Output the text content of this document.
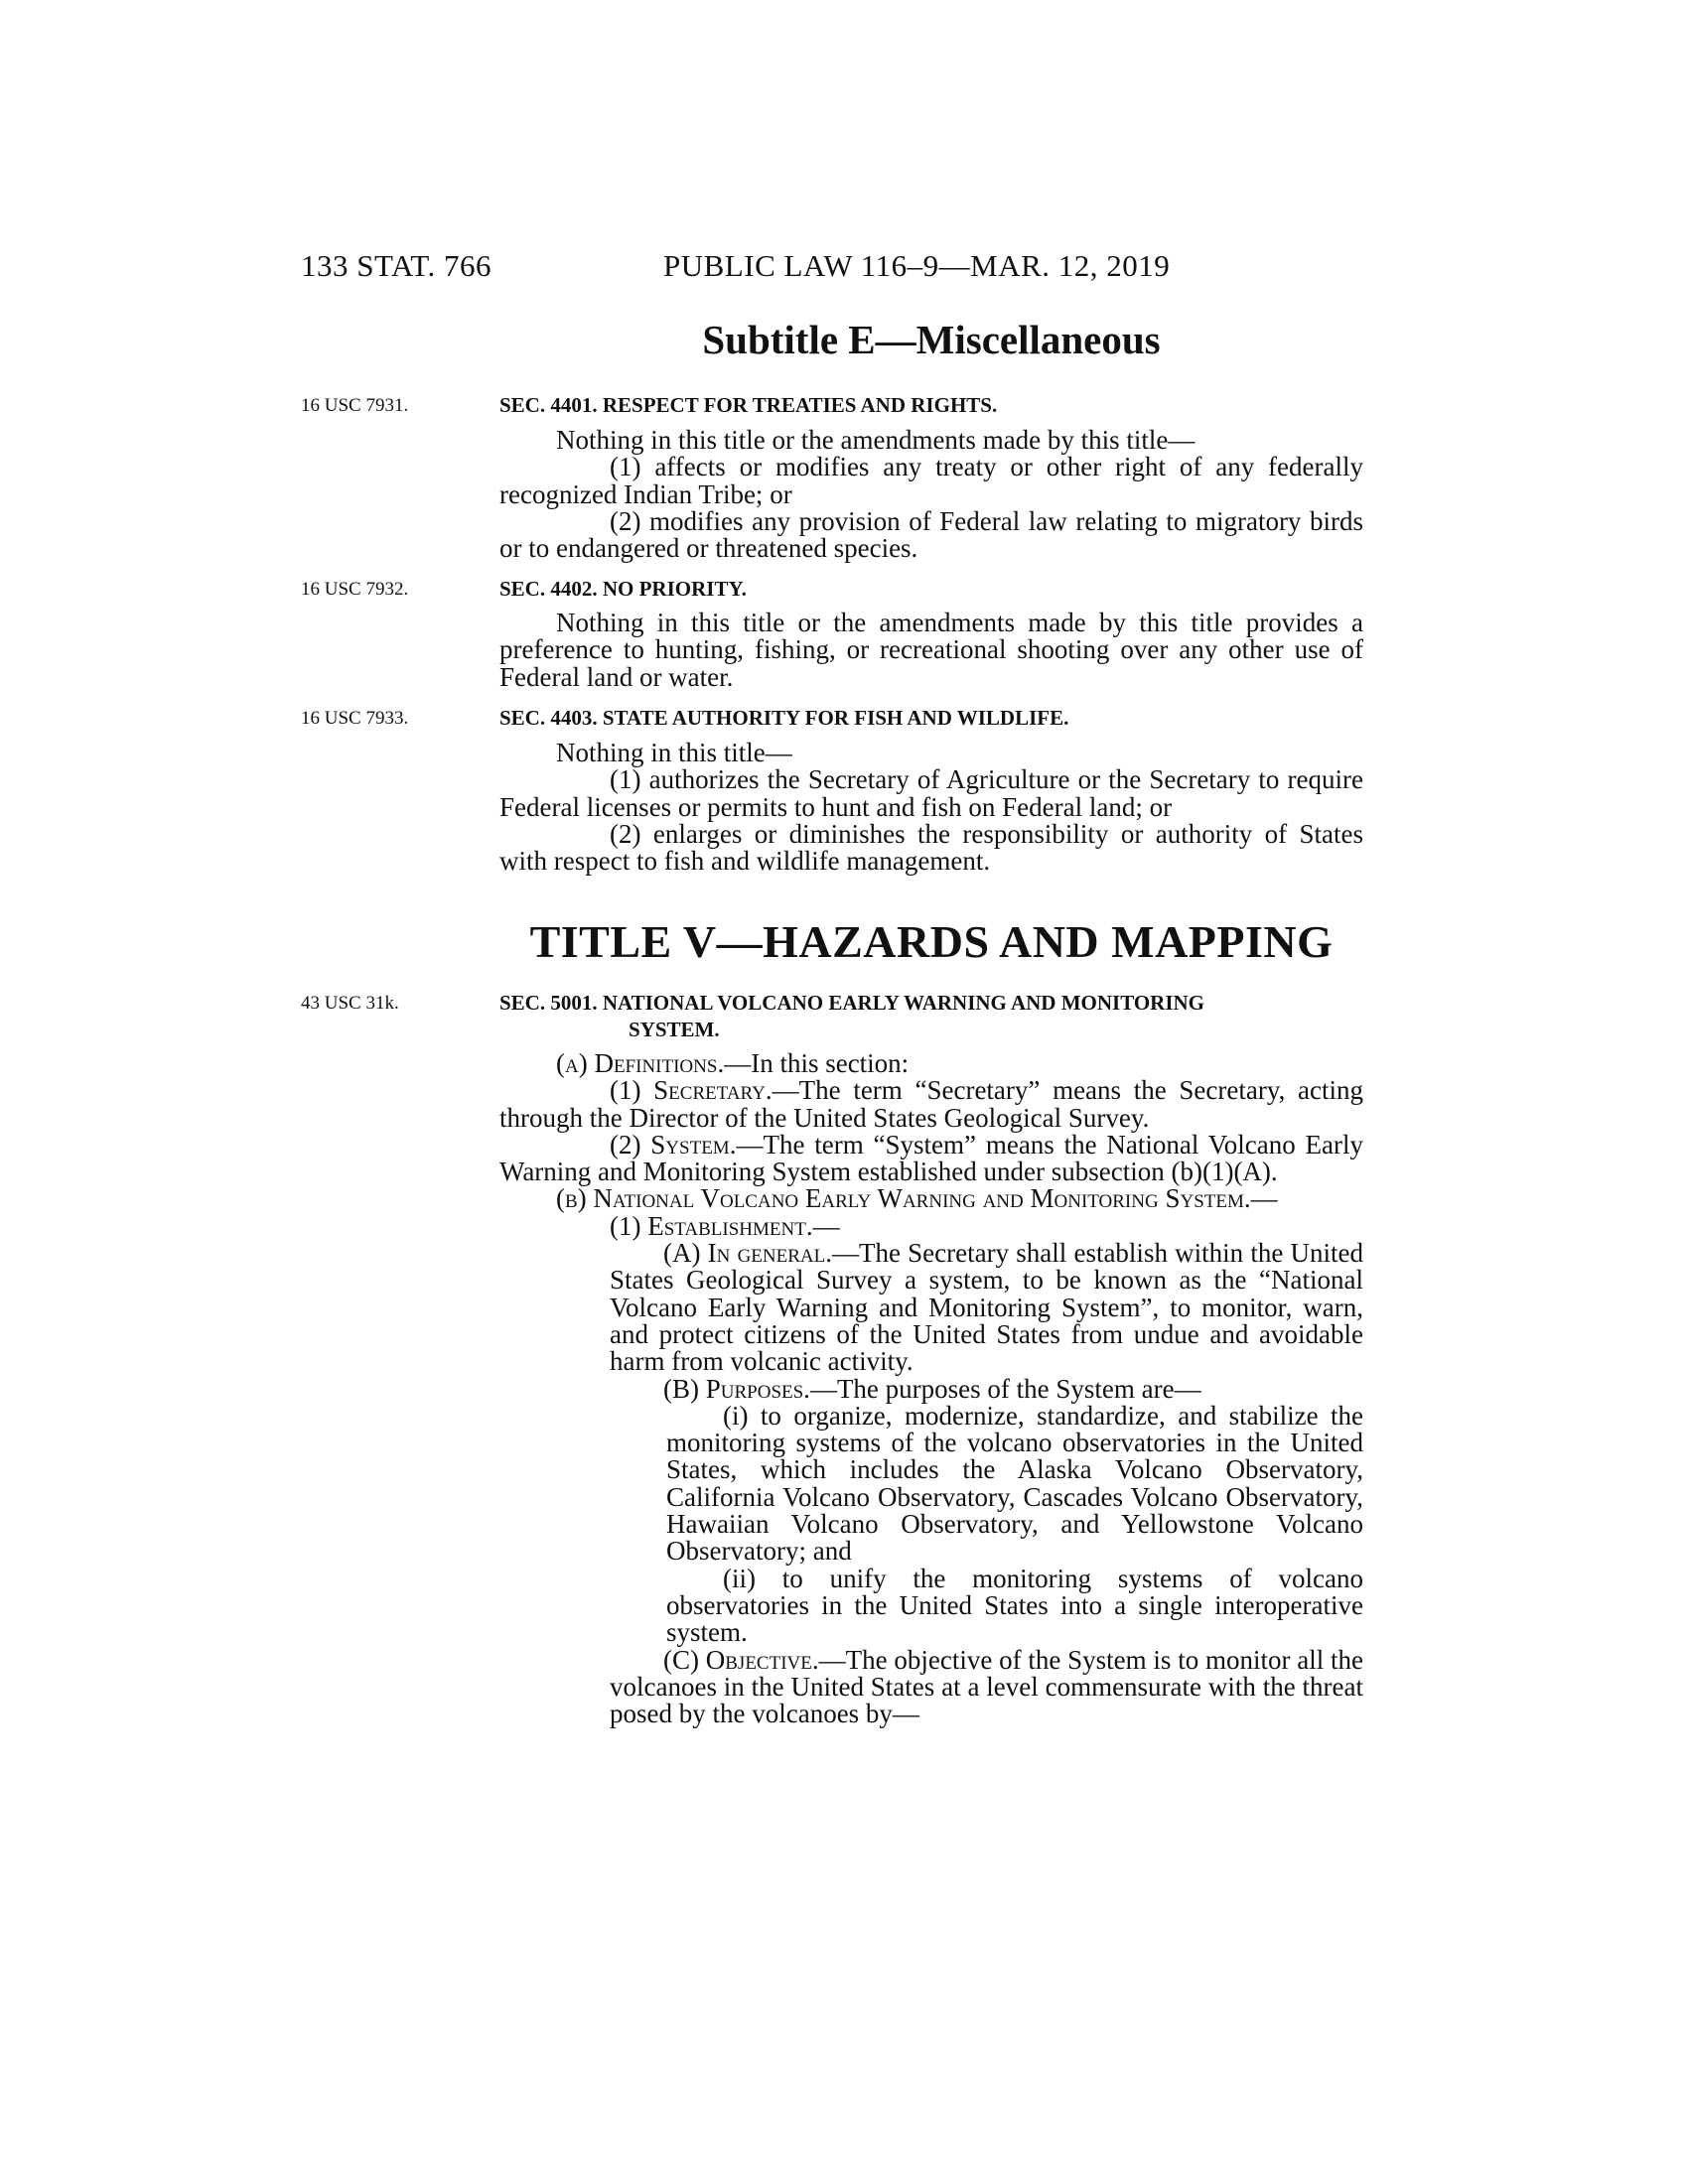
133 STAT. 766	PUBLIC LAW 116–9—MAR. 12, 2019
Subtitle E—Miscellaneous
16 USC 7931.	SEC. 4401. RESPECT FOR TREATIES AND RIGHTS.

Nothing in this title or the amendments made by this title—

(1) affects or modifies any treaty or other right of any federally recognized Indian Tribe; or

(2) modifies any provision of Federal law relating to migratory birds or to endangered or threatened species.

16 USC 7932.	SEC. 4402. NO PRIORITY.

Nothing in this title or the amendments made by this title provides a preference to hunting, fishing, or recreational shooting over any other use of Federal land or water.

16 USC 7933.	SEC. 4403. STATE AUTHORITY FOR FISH AND WILDLIFE.

Nothing in this title—

(1) authorizes the Secretary of Agriculture or the Secretary to require Federal licenses or permits to hunt and fish on Federal land; or

(2) enlarges or diminishes the responsibility or authority of States with respect to fish and wildlife management.

TITLE V—HAZARDS AND MAPPING
43 USC 31k.	SEC. 5001. NATIONAL VOLCANO EARLY WARNING AND MONITORING
SYSTEM.

(a) Definitions.—In this section:

(1) Secretary.—The term “Secretary” means the Secretary, acting through the Director of the United States Geological Survey.

(2) System.—The term “System” means the National Volcano Early Warning and Monitoring System established under subsection (b)(1)(A).

(b) National Volcano Early Warning and Monitoring System.—

(1) Establishment.—

(A) In general.—The Secretary shall establish within the United States Geological Survey a system, to be known as the “National Volcano Early Warning and Monitoring System”, to monitor, warn, and protect citizens of the United States from undue and avoidable harm from volcanic activity.

(B) Purposes.—The purposes of the System are—

(i) to organize, modernize, standardize, and stabilize the monitoring systems of the volcano observatories in the United States, which includes the Alaska Volcano Observatory, California Volcano Observatory, Cascades Volcano Observatory, Hawaiian Volcano Observatory, and Yellowstone Volcano Observatory; and

(ii) to unify the monitoring systems of volcano observatories in the United States into a single interoperative system.

(C) Objective.—The objective of the System is to monitor all the volcanoes in the United States at a level commensurate with the threat posed by the volcanoes by—
